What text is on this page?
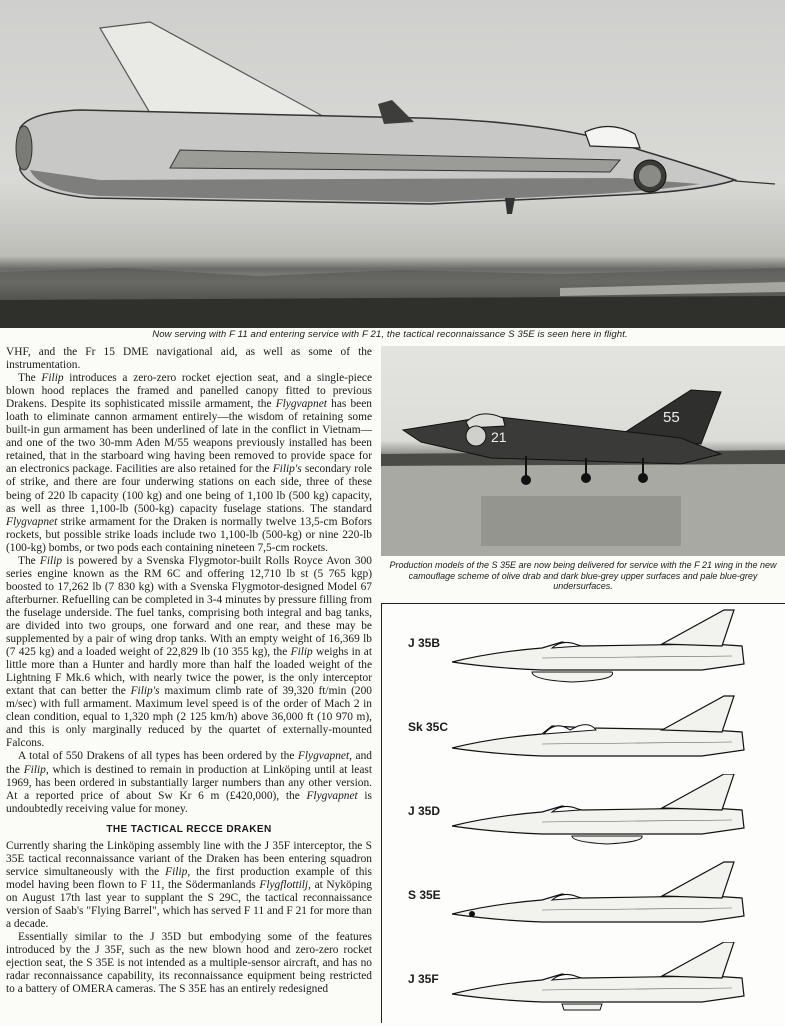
Now serving with F 11 and entering service with F 21, the tactical reconnaissance S 35E is seen here in flight.

VHF, and the Fr 15 DME navigational aid, as well as some of the instrumentation.

The Filip introduces a zero-zero rocket ejection seat, and a single-piece blown hood replaces the framed and panelled canopy fitted to previous Drakens. Despite its sophisticated missile armament, the Flygvapnet has been loath to eliminate cannon armament entirely—the wisdom of retaining some built-in gun armament has been underlined of late in the conflict in Vietnam—and one of the two 30-mm Aden M/55 weapons previously installed has been retained, that in the starboard wing having been removed to provide space for an electronics package. Facilities are also retained for the Filip's secondary role of strike, and there are four underwing stations on each side, three of these being of 220 lb capacity (100 kg) and one being of 1,100 lb (500 kg) capacity, as well as three 1,100-lb (500-kg) capacity fuselage stations. The standard Flygvapnet strike armament for the Draken is normally twelve 13,5-cm Bofors rockets, but possible strike loads include two 1,100-lb (500-kg) or nine 220-lb (100-kg) bombs, or two pods each containing nineteen 7,5-cm rockets.

The Filip is powered by a Svenska Flygmotor-built Rolls Royce Avon 300 series engine known as the RM 6C and offering 12,710 lb st (5 765 kgp) boosted to 17,262 lb (7 830 kg) with a Svenska Flygmotor-designed Model 67 afterburner. Refuelling can be completed in 3-4 minutes by pressure filling from the fuselage underside. The fuel tanks, comprising both integral and bag tanks, are divided into two groups, one forward and one rear, and these may be supplemented by a pair of wing drop tanks. With an empty weight of 16,369 lb (7 425 kg) and a loaded weight of 22,829 lb (10 355 kg), the Filip weighs in at little more than a Hunter and hardly more than half the loaded weight of the Lightning F Mk.6 which, with nearly twice the power, is the only interceptor extant that can better the Filip's maximum climb rate of 39,320 ft/min (200 m/sec) with full armament. Maximum level speed is of the order of Mach 2 in clean condition, equal to 1,320 mph (2 125 km/h) above 36,000 ft (10 970 m), and this is only marginally reduced by the quartet of externally-mounted Falcons.

A total of 550 Drakens of all types has been ordered by the Flygvapnet, and the Filip, which is destined to remain in production at Linköping until at least 1969, has been ordered in substantially larger numbers than any other version. At a reported price of about Sw Kr 6 m (£420,000), the Flygvapnet is undoubtedly receiving value for money.

THE TACTICAL RECCE DRAKEN

Currently sharing the Linköping assembly line with the J 35F interceptor, the S 35E tactical reconnaissance variant of the Draken has been entering squadron service simultaneously with the Filip, the first production example of this model having been flown to F 11, the Södermanlands Flygflottilj, at Nyköping on August 17th last year to supplant the S 29C, the tactical reconnaissance version of Saab's "Flying Barrel", which has served F 11 and F 21 for more than a decade.

Essentially similar to the J 35D but embodying some of the features introduced by the J 35F, such as the new blown hood and zero-zero rocket ejection seat, the S 35E is not intended as a multiple-sensor aircraft, and has no radar reconnaissance capability, its reconnaissance equipment being restricted to a battery of OMERA cameras. The S 35E has an entirely redesigned

55
21
Production models of the S 35E are now being delivered for service with the F 21 wing in the new camouflage scheme of olive drab and dark blue-grey upper surfaces and pale blue-grey undersurfaces.
J 35B
Sk 35C
J 35D
S 35E
J 35F
